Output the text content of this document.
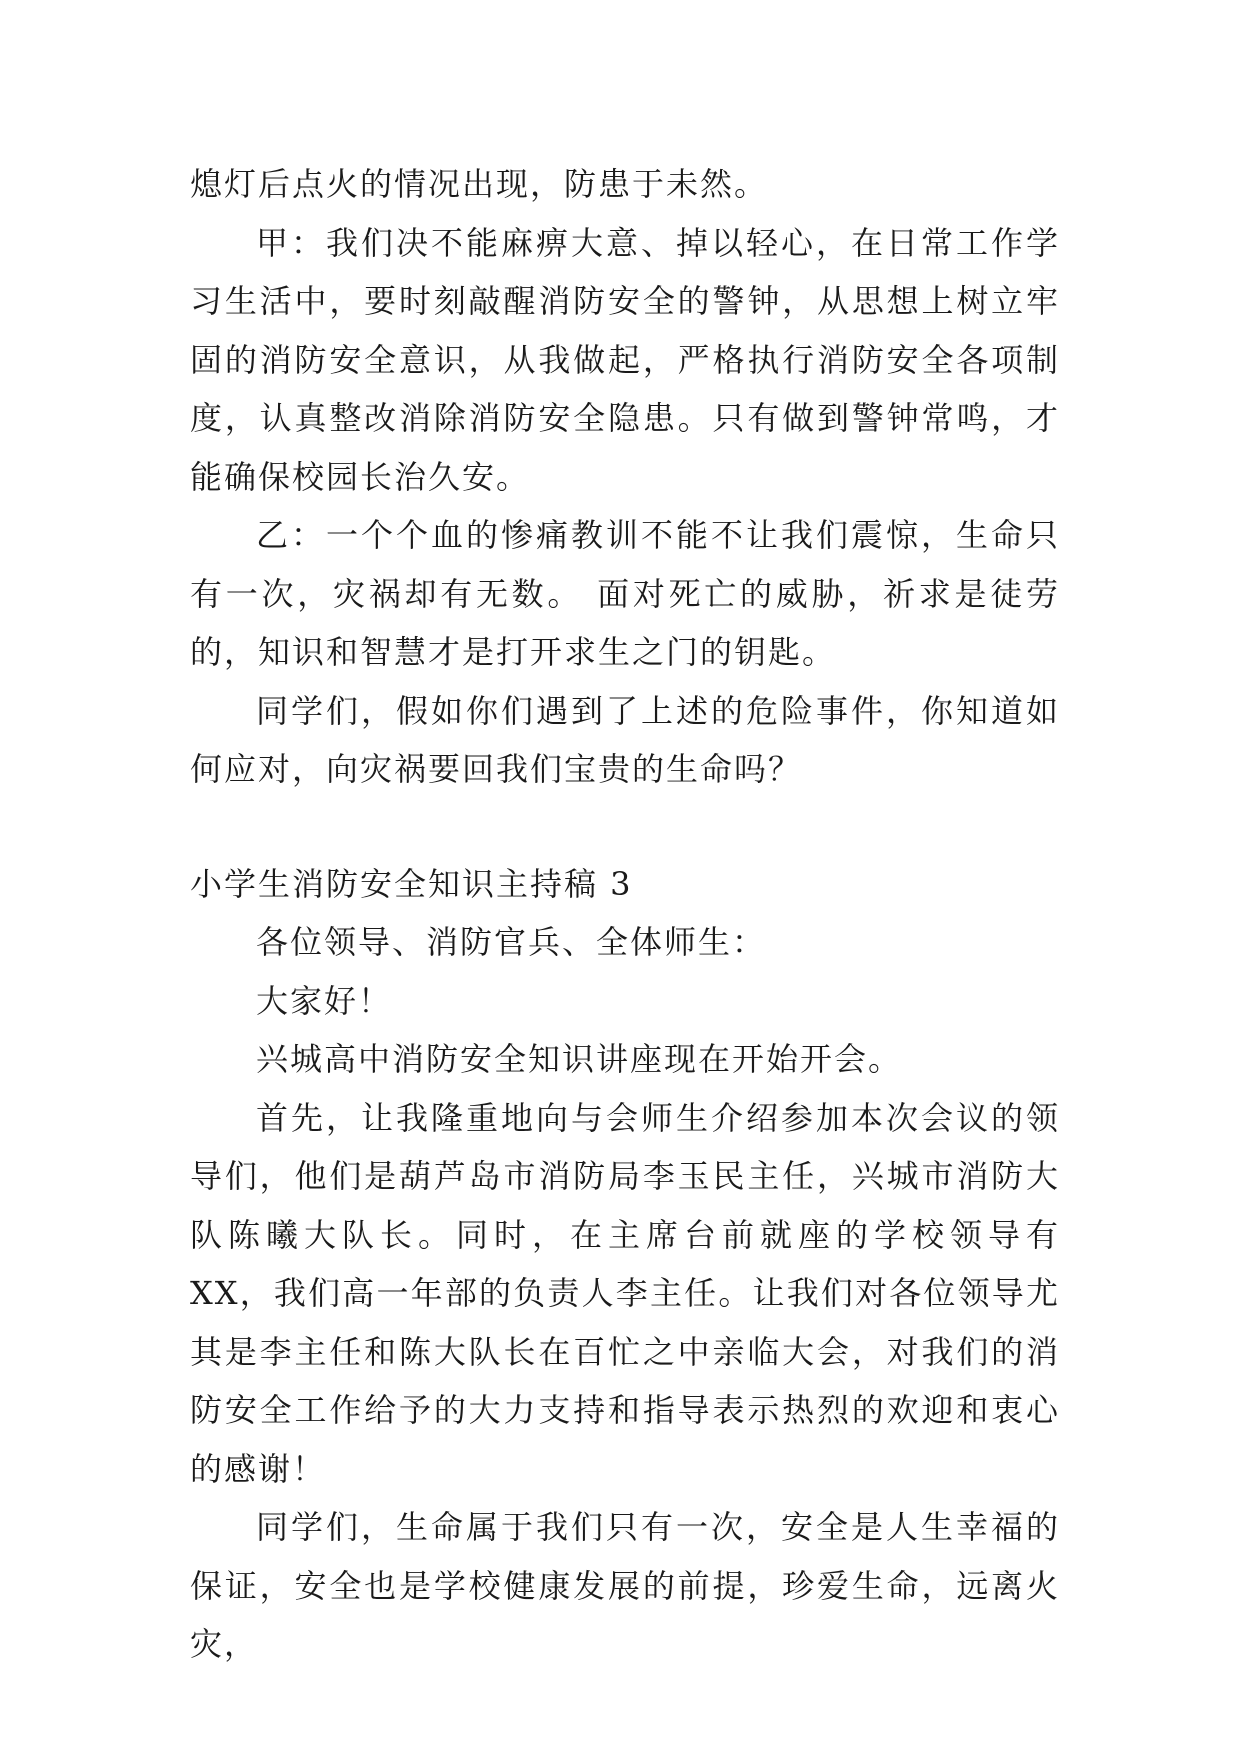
熄灯后点火的情况出现，防患于未然。

甲：我们决不能麻痹大意、掉以轻心，在日常工作学习生活中，要时刻敲醒消防安全的警钟，从思想上树立牢固的消防安全意识，从我做起，严格执行消防安全各项制度，认真整改消除消防安全隐患。只有做到警钟常鸣，才能确保校园长治久安。

乙：一个个血的惨痛教训不能不让我们震惊，生命只有一次，灾祸却有无数。 面对死亡的威胁，祈求是徒劳的，知识和智慧才是打开求生之门的钥匙。

同学们，假如你们遇到了上述的危险事件，你知道如何应对，向灾祸要回我们宝贵的生命吗？

小学生消防安全知识主持稿 3

各位领导、消防官兵、全体师生：

大家好！

兴城高中消防安全知识讲座现在开始开会。

首先，让我隆重地向与会师生介绍参加本次会议的领导们，他们是葫芦岛市消防局李玉民主任，兴城市消防大队陈曦大队长。同时，在主席台前就座的学校领导有 XX，我们高一年部的负责人李主任。让我们对各位领导尤其是李主任和陈大队长在百忙之中亲临大会，对我们的消防安全工作给予的大力支持和指导表示热烈的欢迎和衷心的感谢！

同学们，生命属于我们只有一次，安全是人生幸福的保证，安全也是学校健康发展的前提，珍爱生命，远离火灾，
